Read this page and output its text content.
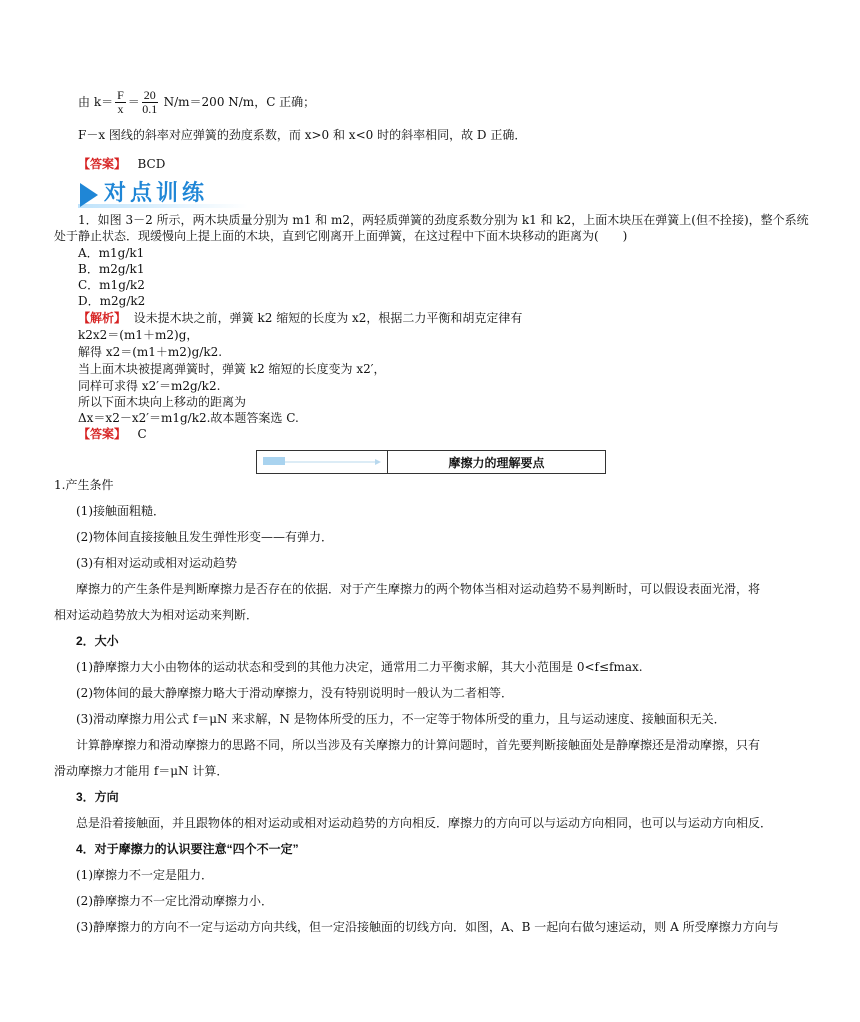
由 $k= \frac{F}{x} = \frac{20}{0.1} N/m=200$ N/m，C 正确；
F－x 图线的斜率对应弹簧的劲度系数，而 x>0 和 x<0 时的斜率相同，故 D 正确．
【答案】 BCD
对点训练
1．如图 3－2 所示，两木块质量分别为 m1 和 m2，两轻质弹簧的劲度系数分别为 k1 和 k2，上面木块压在弹簧上(但不拴接)，整个系统
处于静止状态．现缓慢向上提上面的木块，直到它刚离开上面弹簧，在这过程中下面木块移动的距离为(　　)
A．m1g/k1
B．m2g/k1
C．m1g/k2
D．m2g/k2
【解析】 设未提木块之前，弹簧 k2 缩短的长度为 x2，根据二力平衡和胡克定律有
k2x2＝(m1＋m2)g，
解得 x2＝(m1＋m2)g/k2.
当上面木块被提离弹簧时，弹簧 k2 缩短的长度变为 x2′，
同样可求得 x2′＝m2g/k2.
所以下面木块向上移动的距离为
Δx＝x2－x2′＝m1g/k2.故本题答案选 C.
【答案】 C
摩擦力的理解要点
1.产生条件
(1)接触面粗糙．
(2)物体间直接接触且发生弹性形变——有弹力．
(3)有相对运动或相对运动趋势
摩擦力的产生条件是判断摩擦力是否存在的依据．对于产生摩擦力的两个物体当相对运动趋势不易判断时，可以假设表面光滑，将
相对运动趋势放大为相对运动来判断．
2．大小
(1)静摩擦力大小由物体的运动状态和受到的其他力决定，通常用二力平衡求解，其大小范围是 0<f≤fmax.
(2)物体间的最大静摩擦力略大于滑动摩擦力，没有特别说明时一般认为二者相等．
(3)滑动摩擦力用公式 f＝μN 来求解，N 是物体所受的压力，不一定等于物体所受的重力，且与运动速度、接触面积无关．
计算静摩擦力和滑动摩擦力的思路不同，所以当涉及有关摩擦力的计算问题时，首先要判断接触面处是静摩擦还是滑动摩擦，只有
滑动摩擦力才能用 f＝μN 计算．
3．方向
总是沿着接触面，并且跟物体的相对运动或相对运动趋势的方向相反．摩擦力的方向可以与运动方向相同，也可以与运动方向相反．
4．对于摩擦力的认识要注意“四个不一定”
(1)摩擦力不一定是阻力．
(2)静摩擦力不一定比滑动摩擦力小．
(3)静摩擦力的方向不一定与运动方向共线，但一定沿接触面的切线方向．如图，A、B 一起向右做匀速运动，则 A 所受摩擦力方向与
